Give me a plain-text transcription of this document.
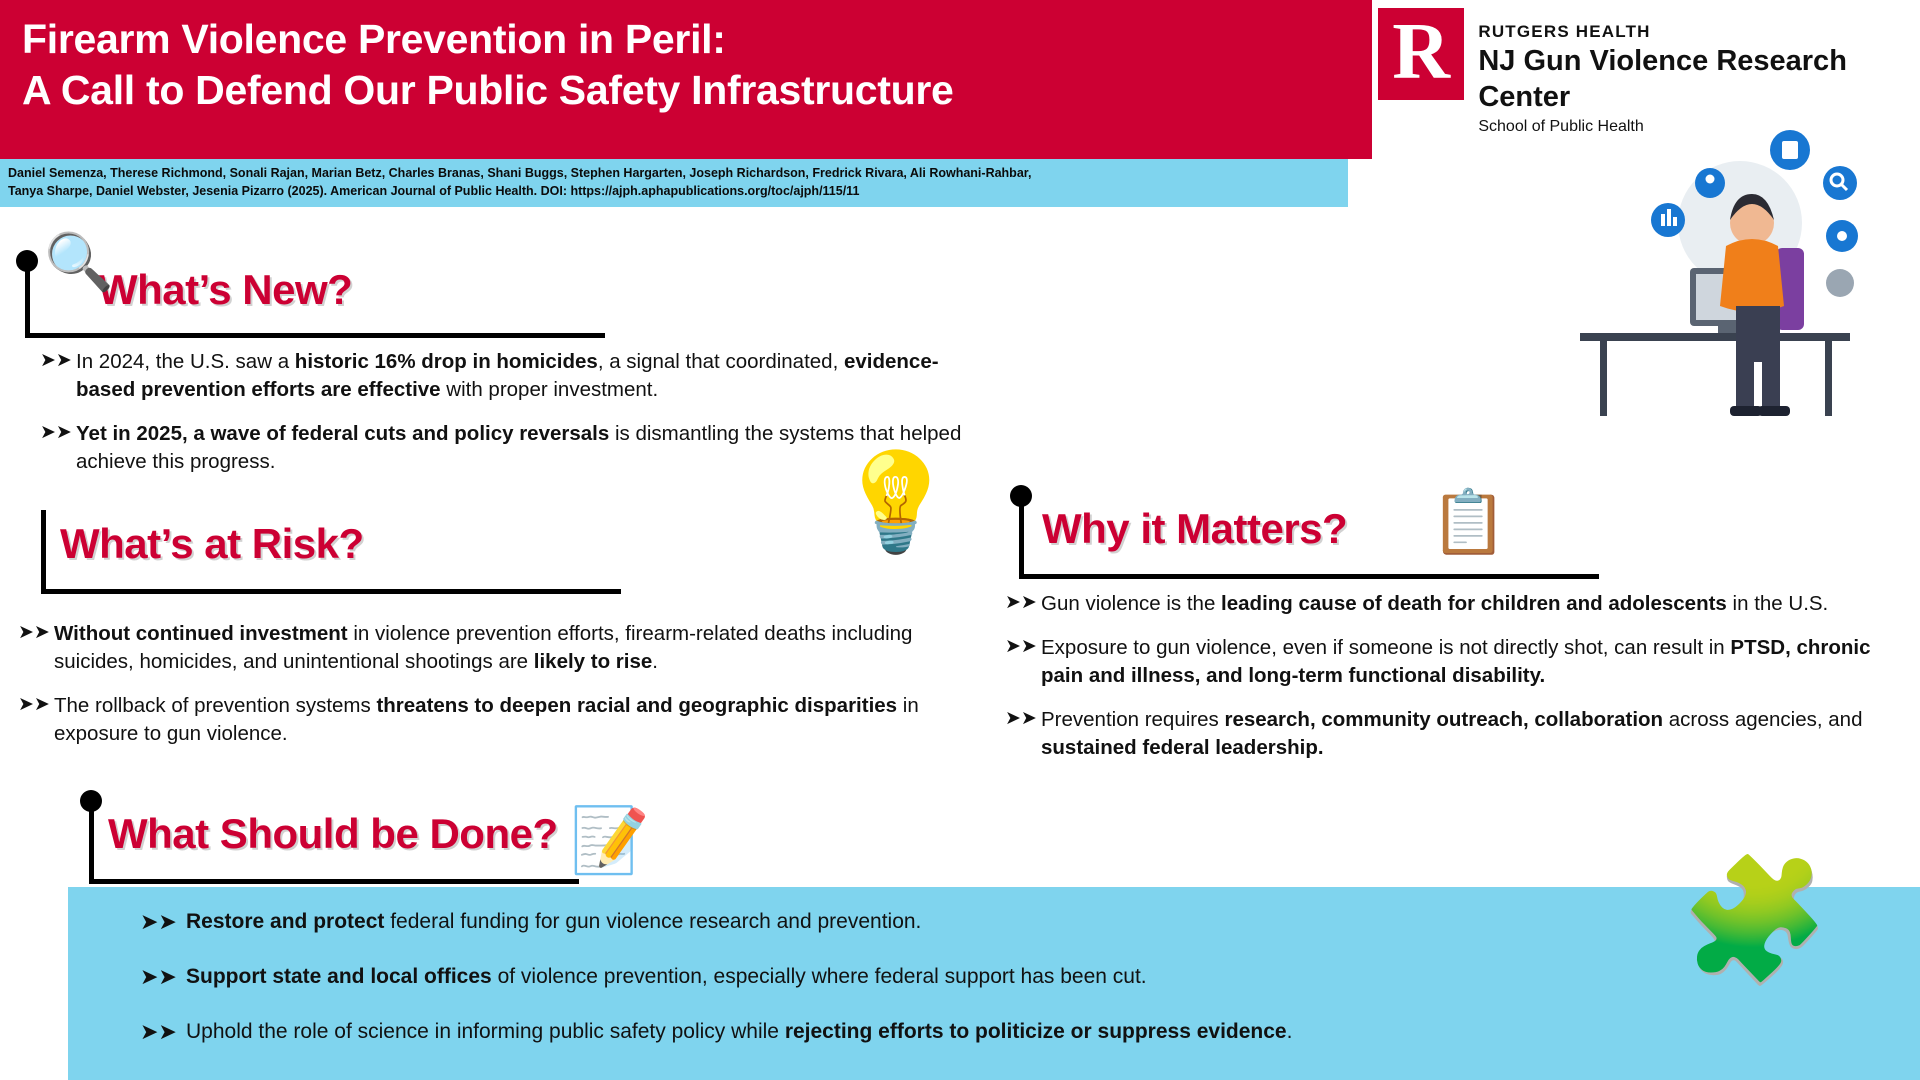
Firearm Violence Prevention in Peril:
A Call to Defend Our Public Safety Infrastructure
Daniel Semenza, Therese Richmond, Sonali Rajan, Marian Betz, Charles Branas, Shani Buggs, Stephen Hargarten, Joseph Richardson, Fredrick Rivara, Ali Rowhani-Rahbar,
Tanya Sharpe, Daniel Webster, Jesenia Pizarro (2025). American Journal of Public Health. DOI: https://ajph.aphapublications.org/toc/ajph/115/11
R	RUTGERS HEALTH
NJ Gun Violence Research Center
School of Public Health
What’s New?
🔍
➤➤ In 2024, the U.S. saw a historic 16% drop in homicides, a signal that coordinated, evidence-based prevention efforts are effective with proper investment.
➤➤ Yet in 2025, a wave of federal cuts and policy reversals is dismantling the systems that helped achieve this progress.
What’s at Risk?
➤➤ Without continued investment in violence prevention efforts, firearm-related deaths including suicides, homicides, and unintentional shootings are likely to rise.
➤➤ The rollback of prevention systems threatens to deepen racial and geographic disparities in exposure to gun violence.
💡 Why it Matters? 📋
➤➤ Gun violence is the leading cause of death for children and adolescents in the U.S.
➤➤ Exposure to gun violence, even if someone is not directly shot, can result in PTSD, chronic pain and illness, and long-term functional disability.
➤➤ Prevention requires research, community outreach, collaboration across agencies, and sustained federal leadership.
What Should be Done? 📝
🧩
➤➤ Restore and protect federal funding for gun violence research and prevention.
➤➤ Support state and local offices of violence prevention, especially where federal support has been cut.
➤➤ Uphold the role of science in informing public safety policy while rejecting efforts to politicize or suppress evidence.
